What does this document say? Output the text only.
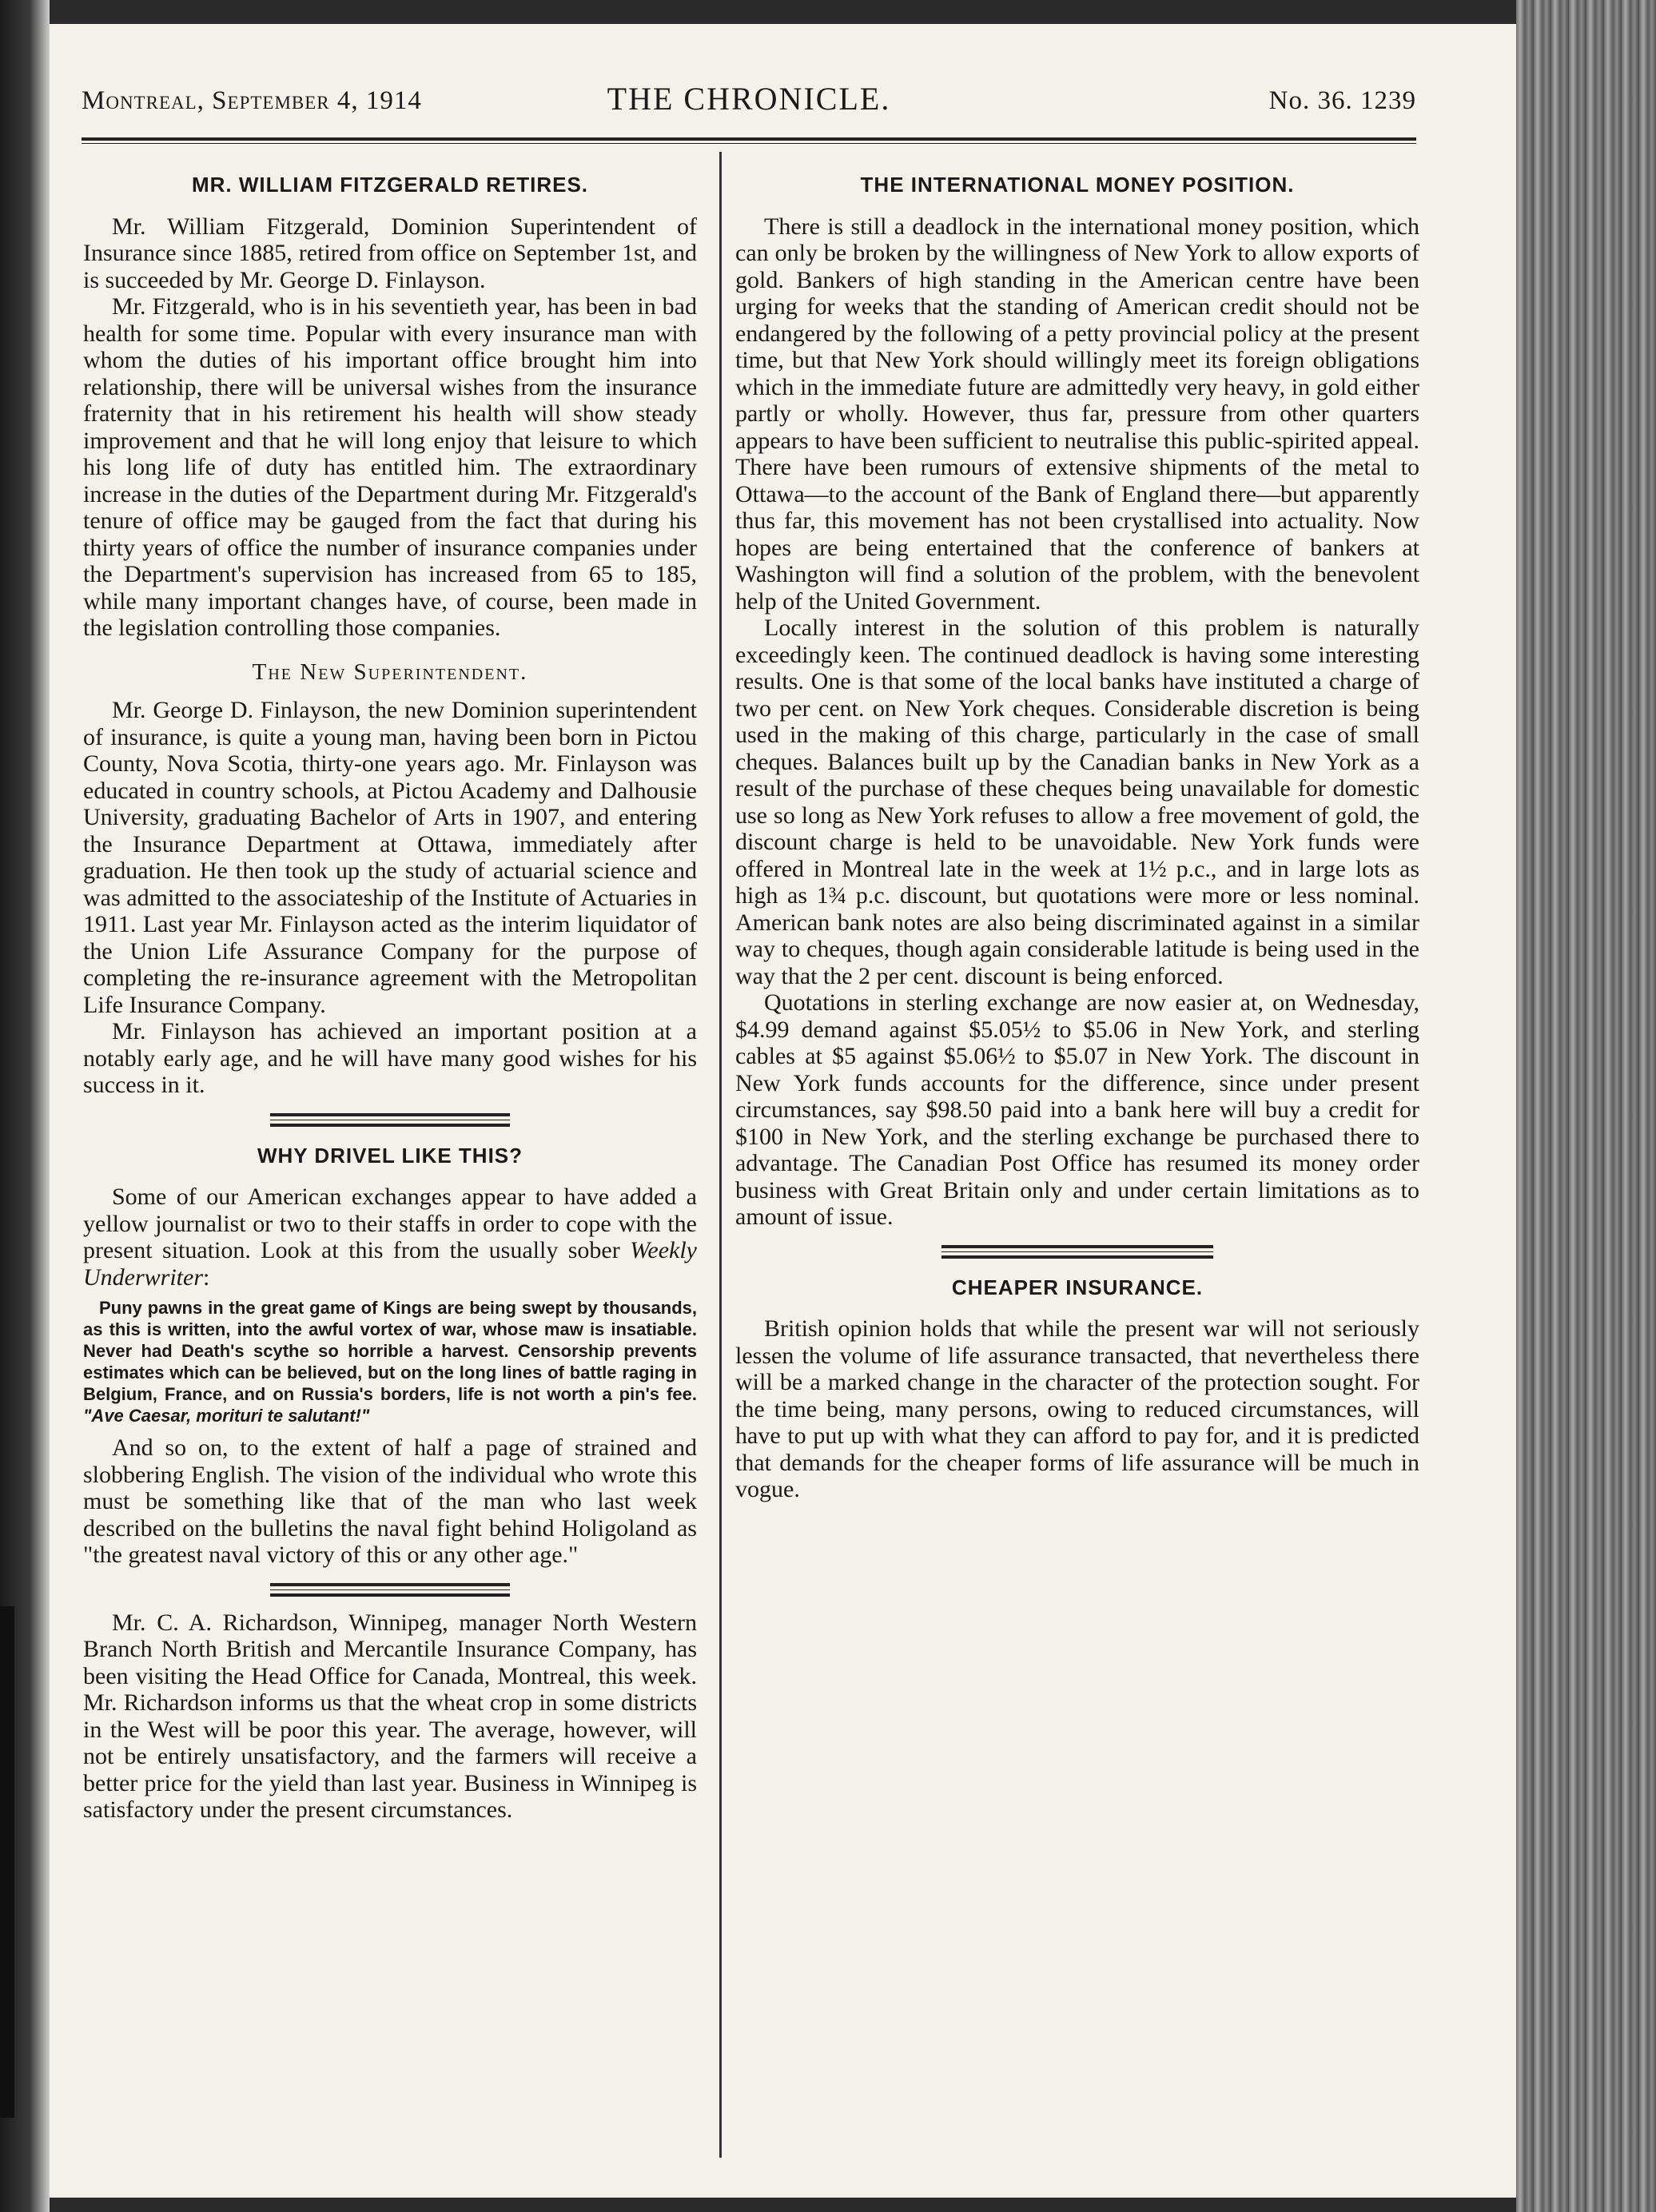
Montreal, September 4, 1914	THE CHRONICLE.	No. 36. 1239
MR. WILLIAM FITZGERALD RETIRES.

Mr. William Fitzgerald, Dominion Superintendent of Insurance since 1885, retired from office on September 1st, and is succeeded by Mr. George D. Finlayson.

Mr. Fitzgerald, who is in his seventieth year, has been in bad health for some time. Popular with every insurance man with whom the duties of his important office brought him into relationship, there will be universal wishes from the insurance fraternity that in his retirement his health will show steady improvement and that he will long enjoy that leisure to which his long life of duty has entitled him. The extraordinary increase in the duties of the Department during Mr. Fitzgerald's tenure of office may be gauged from the fact that during his thirty years of office the number of insurance companies under the Department's supervision has increased from 65 to 185, while many important changes have, of course, been made in the legislation controlling those companies.

The New Superintendent.

Mr. George D. Finlayson, the new Dominion superintendent of insurance, is quite a young man, having been born in Pictou County, Nova Scotia, thirty-one years ago. Mr. Finlayson was educated in country schools, at Pictou Academy and Dalhousie University, graduating Bachelor of Arts in 1907, and entering the Insurance Department at Ottawa, immediately after graduation. He then took up the study of actuarial science and was admitted to the associateship of the Institute of Actuaries in 1911. Last year Mr. Finlayson acted as the interim liquidator of the Union Life Assurance Company for the purpose of completing the re-insurance agreement with the Metropolitan Life Insurance Company.

Mr. Finlayson has achieved an important position at a notably early age, and he will have many good wishes for his success in it.

WHY DRIVEL LIKE THIS?

Some of our American exchanges appear to have added a yellow journalist or two to their staffs in order to cope with the present situation. Look at this from the usually sober Weekly Underwriter:

Puny pawns in the great game of Kings are being swept by thousands, as this is written, into the awful vortex of war, whose maw is insatiable. Never had Death's scythe so horrible a harvest. Censorship prevents estimates which can be believed, but on the long lines of battle raging in Belgium, France, and on Russia's borders, life is not worth a pin's fee. "Ave Caesar, morituri te salutant!"

And so on, to the extent of half a page of strained and slobbering English. The vision of the individual who wrote this must be something like that of the man who last week described on the bulletins the naval fight behind Holigoland as "the greatest naval victory of this or any other age."

Mr. C. A. Richardson, Winnipeg, manager North Western Branch North British and Mercantile Insurance Company, has been visiting the Head Office for Canada, Montreal, this week. Mr. Richardson informs us that the wheat crop in some districts in the West will be poor this year. The average, however, will not be entirely unsatisfactory, and the farmers will receive a better price for the yield than last year. Business in Winnipeg is satisfactory under the present circumstances.

THE INTERNATIONAL MONEY POSITION.

There is still a deadlock in the international money position, which can only be broken by the willingness of New York to allow exports of gold. Bankers of high standing in the American centre have been urging for weeks that the standing of American credit should not be endangered by the following of a petty provincial policy at the present time, but that New York should willingly meet its foreign obligations which in the immediate future are admittedly very heavy, in gold either partly or wholly. However, thus far, pressure from other quarters appears to have been sufficient to neutralise this public-spirited appeal. There have been rumours of extensive shipments of the metal to Ottawa—to the account of the Bank of England there—but apparently thus far, this movement has not been crystallised into actuality. Now hopes are being entertained that the conference of bankers at Washington will find a solution of the problem, with the benevolent help of the United Government.

Locally interest in the solution of this problem is naturally exceedingly keen. The continued deadlock is having some interesting results. One is that some of the local banks have instituted a charge of two per cent. on New York cheques. Considerable discretion is being used in the making of this charge, particularly in the case of small cheques. Balances built up by the Canadian banks in New York as a result of the purchase of these cheques being unavailable for domestic use so long as New York refuses to allow a free movement of gold, the discount charge is held to be unavoidable. New York funds were offered in Montreal late in the week at 1½ p.c., and in large lots as high as 1¾ p.c. discount, but quotations were more or less nominal. American bank notes are also being discriminated against in a similar way to cheques, though again considerable latitude is being used in the way that the 2 per cent. discount is being enforced.

Quotations in sterling exchange are now easier at, on Wednesday, $4.99 demand against $5.05½ to $5.06 in New York, and sterling cables at $5 against $5.06½ to $5.07 in New York. The discount in New York funds accounts for the difference, since under present circumstances, say $98.50 paid into a bank here will buy a credit for $100 in New York, and the sterling exchange be purchased there to advantage. The Canadian Post Office has resumed its money order business with Great Britain only and under certain limitations as to amount of issue.

CHEAPER INSURANCE.

British opinion holds that while the present war will not seriously lessen the volume of life assurance transacted, that nevertheless there will be a marked change in the character of the protection sought. For the time being, many persons, owing to reduced circumstances, will have to put up with what they can afford to pay for, and it is predicted that demands for the cheaper forms of life assurance will be much in vogue.
